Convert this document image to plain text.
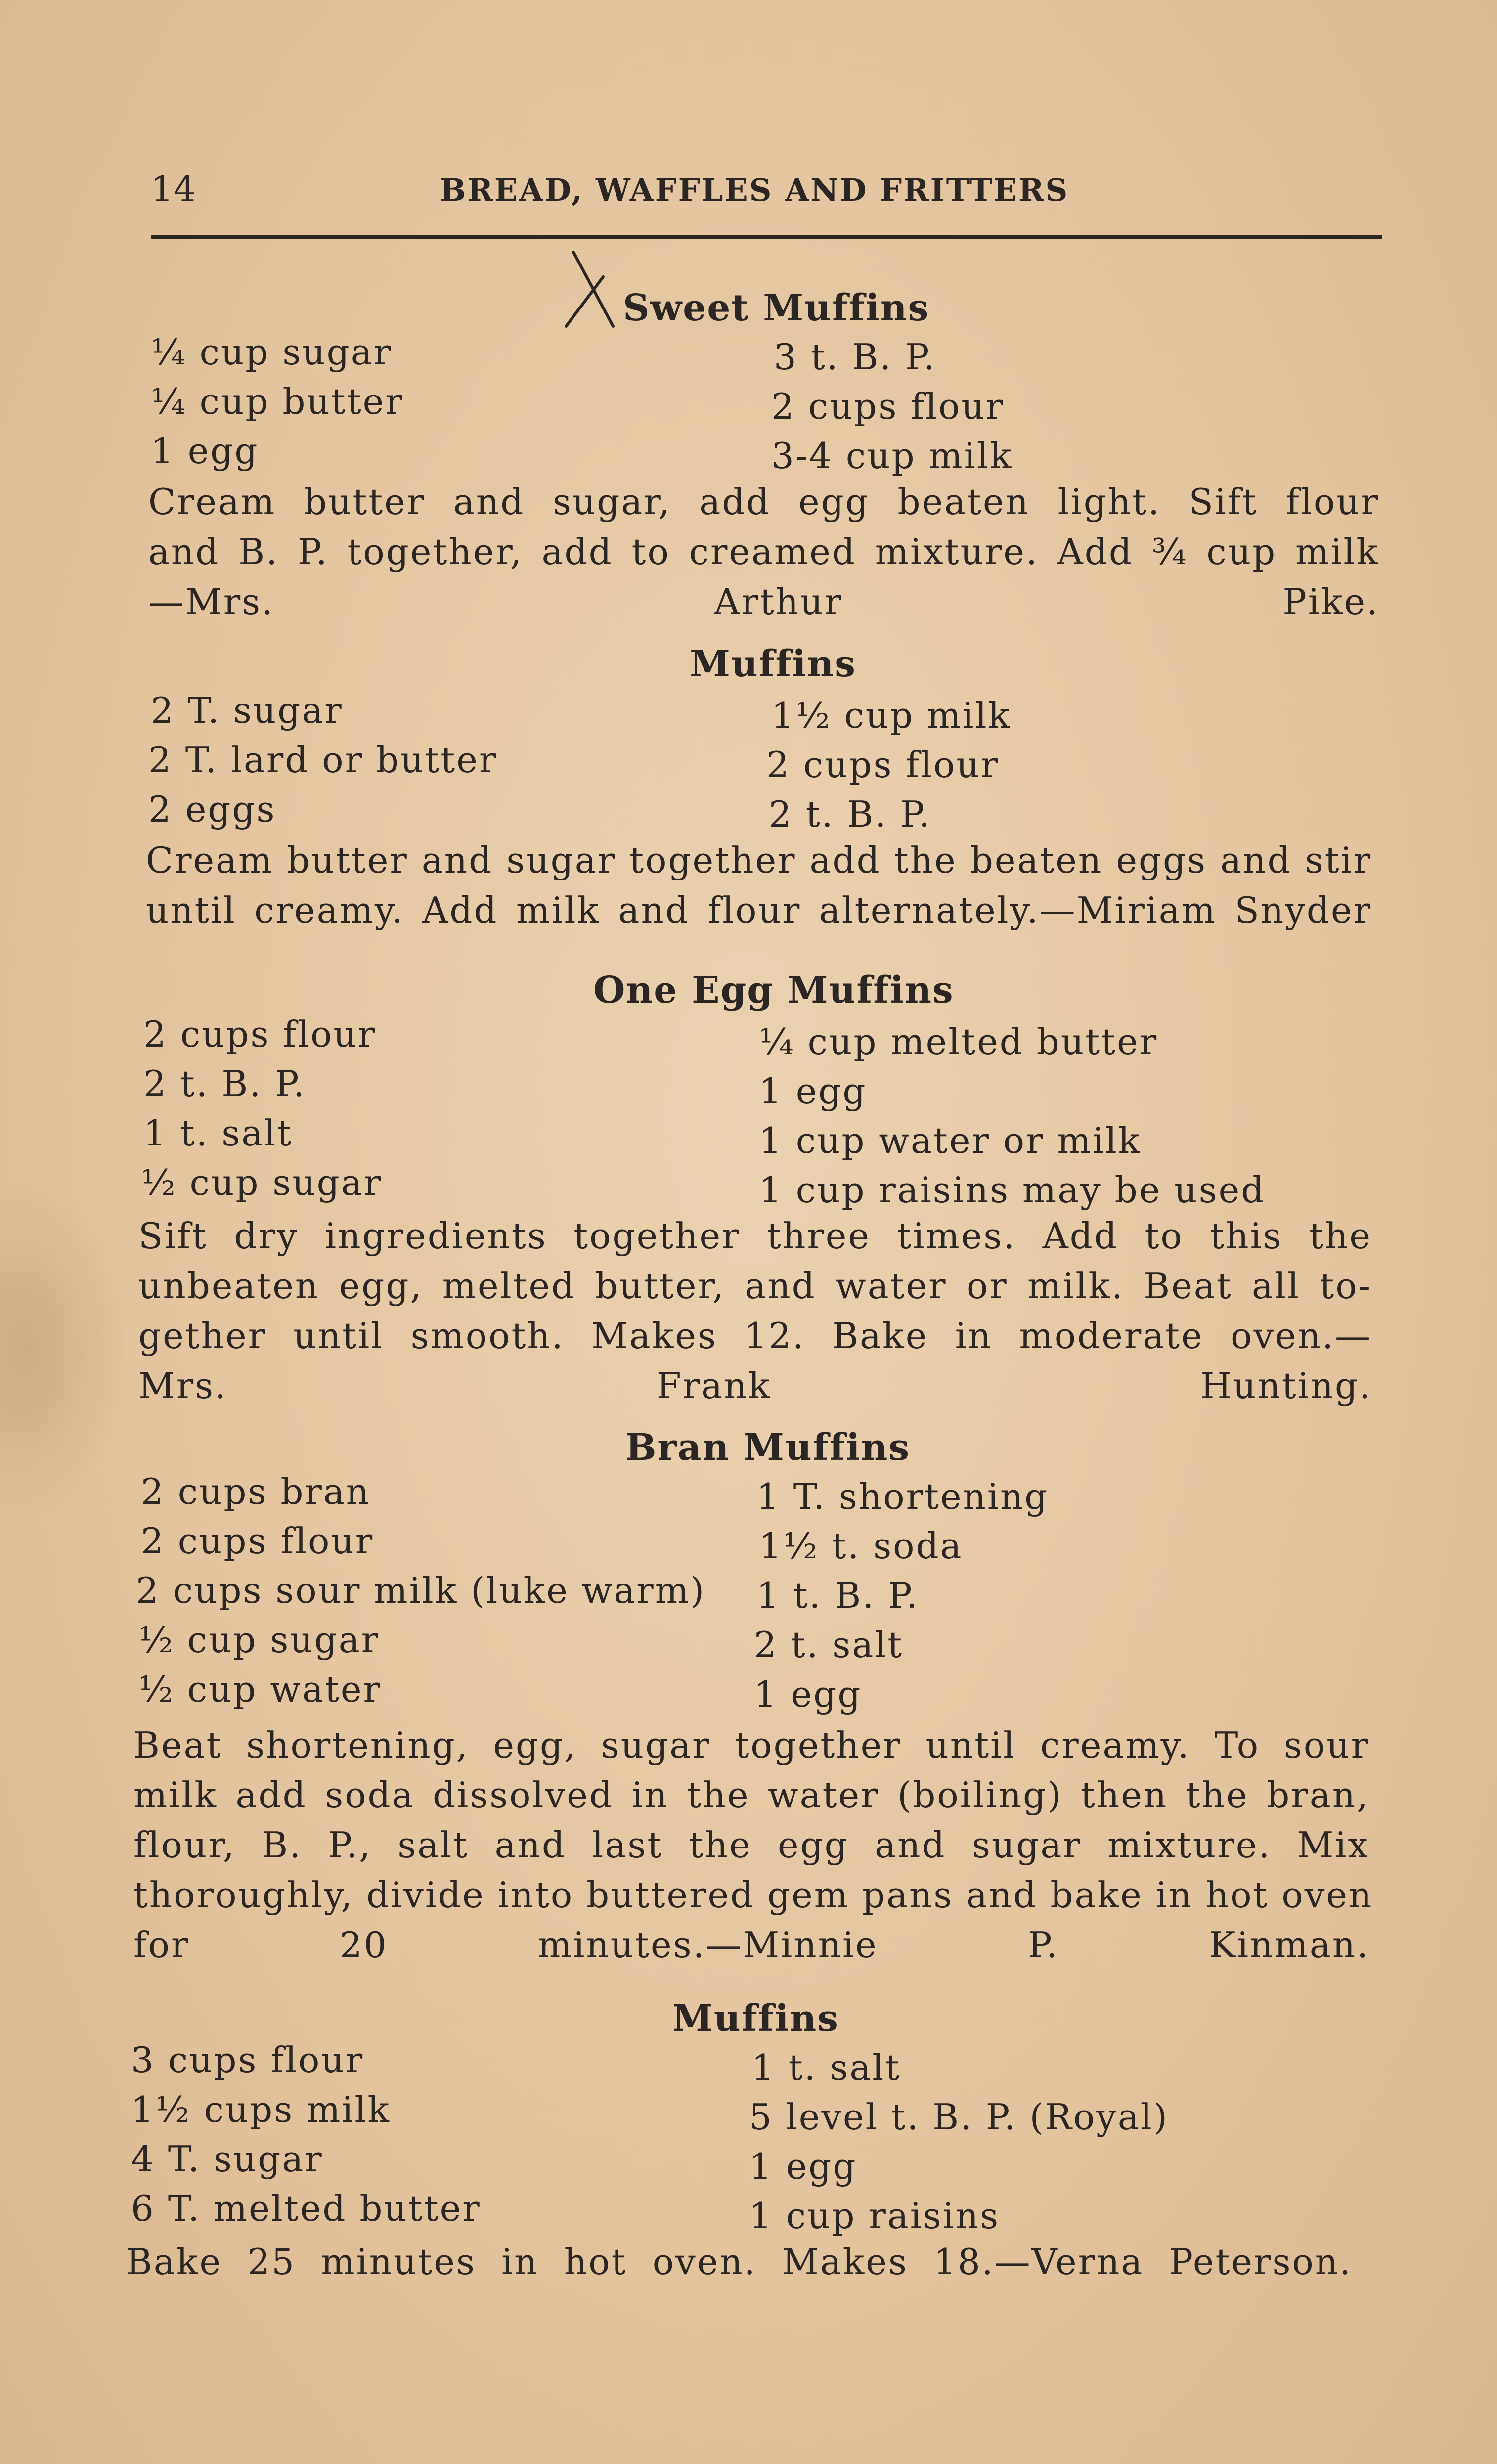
14	BREAD, WAFFLES AND FRITTERS
Sweet Muffins
¼ cup sugar
¼ cup butter
1 egg
3 t. B. P.
2 cups flour
3-4 cup milk
Cream butter and sugar, add egg beaten light. Sift flour
and B. P. together, add to creamed mixture. Add ¾ cup milk
—Mrs. Arthur Pike.
Muffins
2 T. sugar
2 T. lard or butter
2 eggs
1½ cup milk
2 cups flour
2 t. B. P.
Cream butter and sugar together add the beaten eggs and stir
until creamy. Add milk and flour alternately.—Miriam Snyder
One Egg Muffins
2 cups flour
2 t. B. P.
1 t. salt
½ cup sugar
¼ cup melted butter
1 egg
1 cup water or milk
1 cup raisins may be used
Sift dry ingredients together three times. Add to this the
unbeaten egg, melted butter, and water or milk. Beat all to-
gether until smooth. Makes 12. Bake in moderate oven.—
Mrs. Frank Hunting.
Bran Muffins
2 cups bran
2 cups flour
2 cups sour milk (luke warm)
½ cup sugar
½ cup water
1 T. shortening
1½ t. soda
1 t. B. P.
2 t. salt
1 egg
Beat shortening, egg, sugar together until creamy. To sour
milk add soda dissolved in the water (boiling) then the bran,
flour, B. P., salt and last the egg and sugar mixture. Mix
thoroughly, divide into buttered gem pans and bake in hot oven
for 20 minutes.—Minnie P. Kinman.
Muffins
3 cups flour
1½ cups milk
4 T. sugar
6 T. melted butter
1 t. salt
5 level t. B. P. (Royal)
1 egg
1 cup raisins
Bake 25 minutes in hot oven. Makes 18.—Verna Peterson.
